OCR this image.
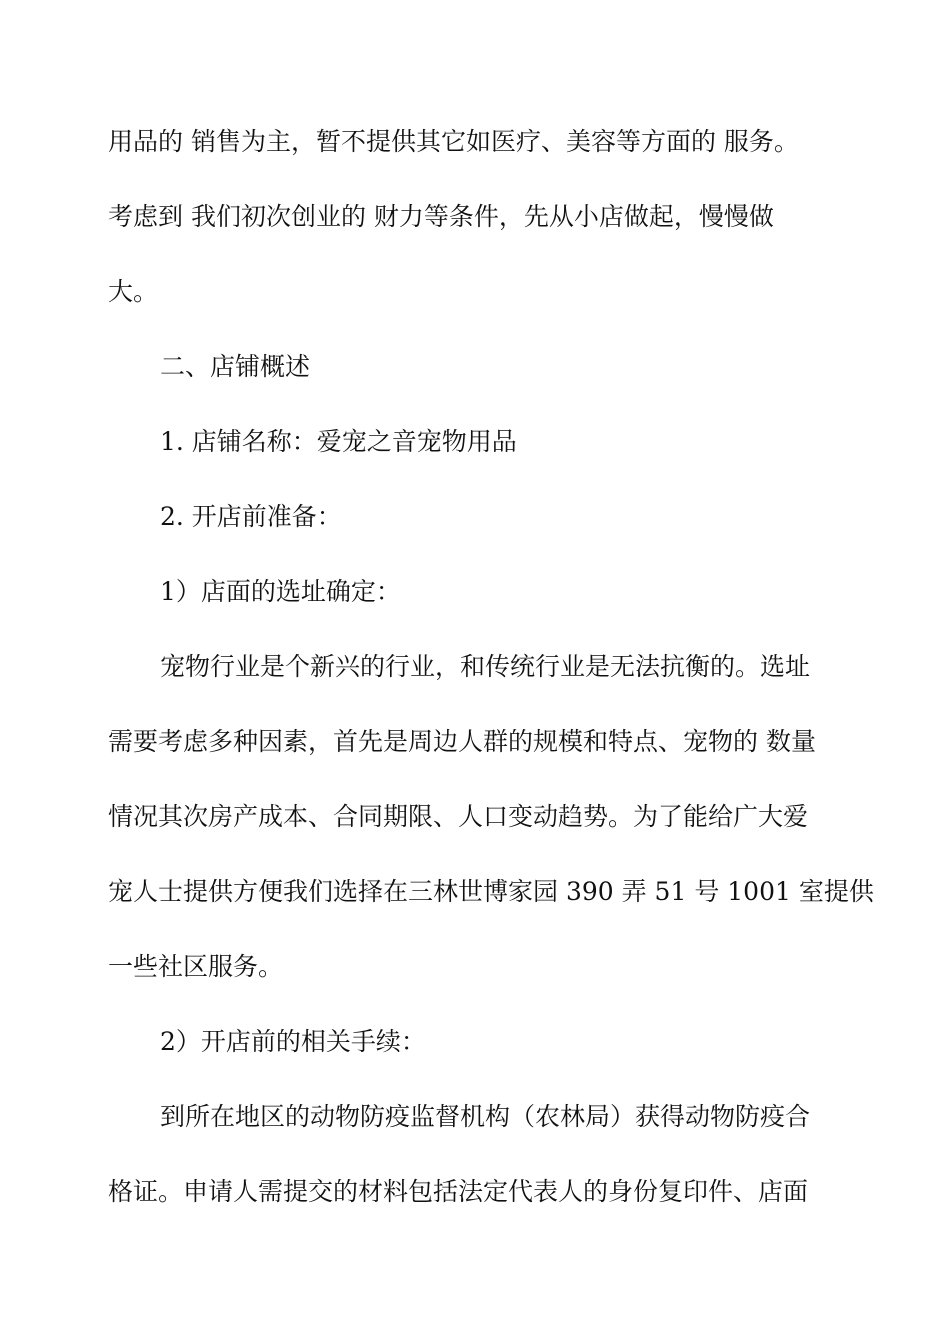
用品的 销售为主，暂不提供其它如医疗、美容等方面的 服务。
考虑到 我们初次创业的 财力等条件，先从小店做起，慢慢做
大。
二、店铺概述
1. 店铺名称：爱宠之音宠物用品
2. 开店前准备：
1）店面的选址确定：
宠物行业是个新兴的行业，和传统行业是无法抗衡的。选址
需要考虑多种因素，首先是周边人群的规模和特点、宠物的 数量
情况其次房产成本、合同期限、人口变动趋势。为了能给广大爱
宠人士提供方便我们选择在三林世博家园 390 弄 51 号 1001 室提供
一些社区服务。
2）开店前的相关手续：
到所在地区的动物防疫监督机构（农林局）获得动物防疫合
格证。申请人需提交的材料包括法定代表人的身份复印件、店面
